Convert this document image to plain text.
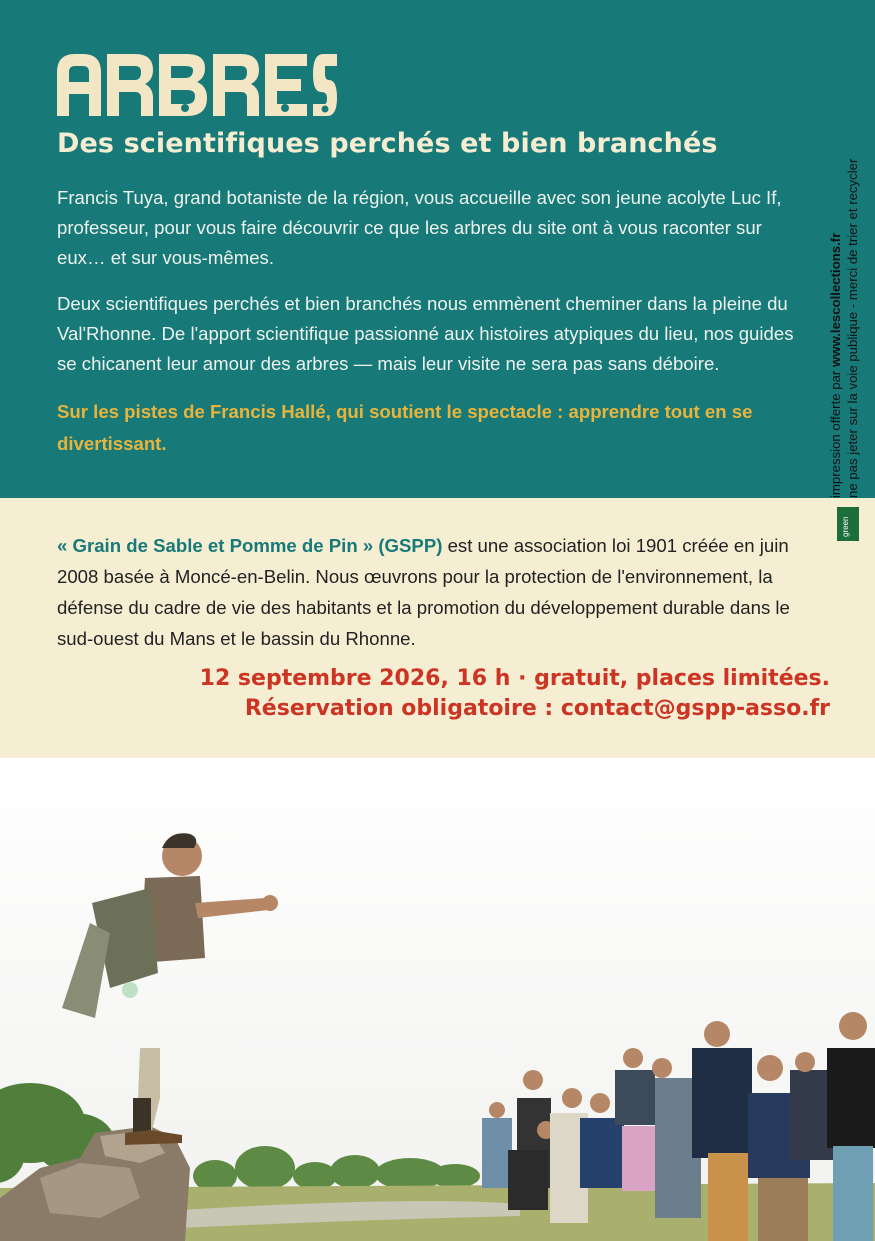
Des scientifiques perchés et bien branchés

Francis Tuya, grand botaniste de la région, vous accueille avec son jeune acolyte Luc If, professeur, pour vous faire découvrir ce que les arbres du site ont à vous raconter sur eux… et sur vous-mêmes.

Deux scientifiques perchés et bien branchés nous emmènent cheminer dans la pleine du Val'Rhonne. De l'apport scientifique passionné aux histoires atypiques du lieu, nos guides se chicanent leur amour des arbres — mais leur visite ne sera pas sans déboire.

Sur les pistes de Francis Hallé, qui soutient le spectacle : apprendre tout en se divertissant.	impression offerte par www.lescollections.fr ne pas jeter sur la voie publique - merci de trier et recycler
green

« Grain de Sable et Pomme de Pin » (GSPP) est une association loi 1901 créée en juin 2008 basée à Moncé-en-Belin. Nous œuvrons pour la protection de l'environnement, la défense du cadre de vie des habitants et la promotion du développement durable dans le sud-ouest du Mans et le bassin du Rhonne.

12 septembre 2026, 16 h · gratuit, places limitées.
Réservation obligatoire : contact@gspp-asso.fr
